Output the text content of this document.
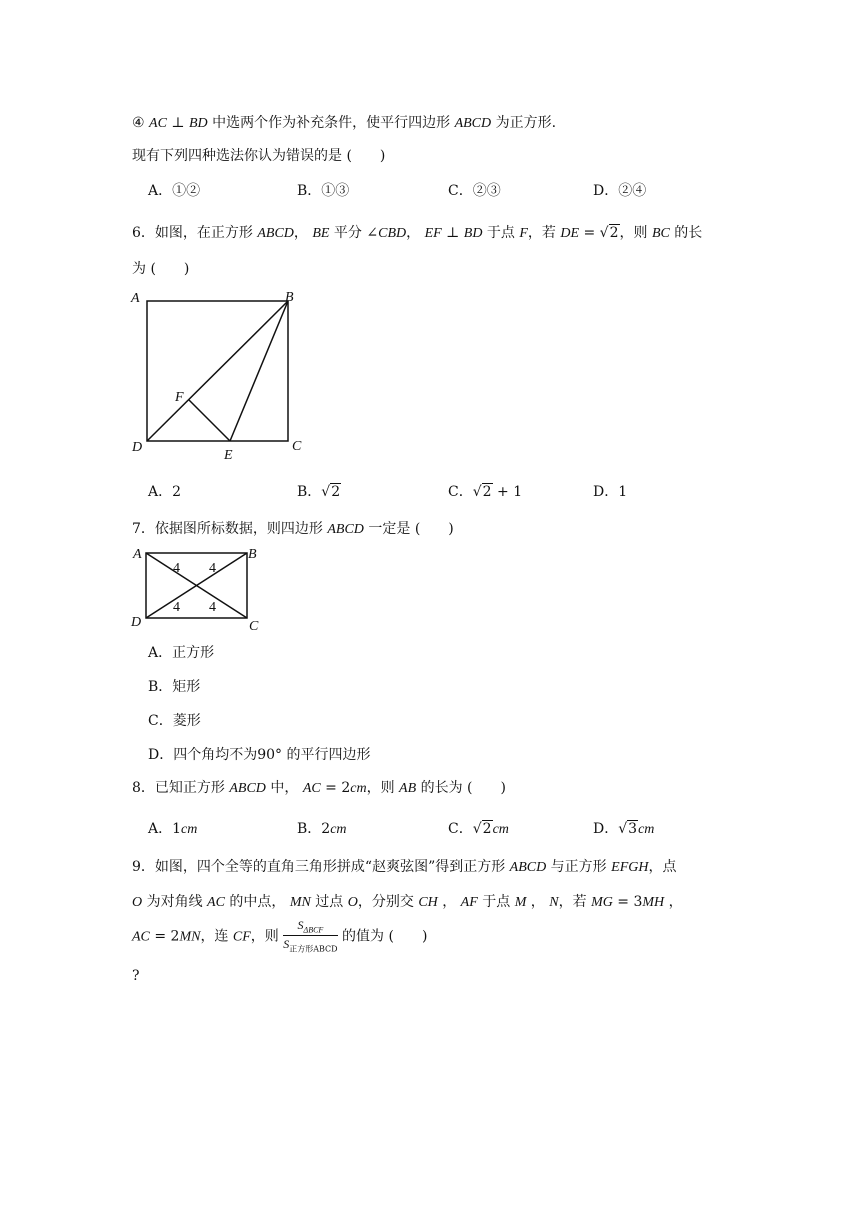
④ AC ⊥ BD 中选两个作为补充条件，使平行四边形 ABCD 为正方形.
现有下列四种选法你认为错误的是 (　　)
A．①②	B．①③	C．②③	D．②④
6．如图，在正方形 ABCD， BE 平分 ∠CBD， EF ⊥ BD 于点 F，若 DE = √2，则 BC 的长
为 (　　)
A	B
C
D
E
F
A．2	B．√2	C．√2 + 1	D．1
7．依据图所标数据，则四边形 ABCD 一定是 (　　)
A	B
C
D
4 4
4 4
A．正方形
B．矩形
C．菱形
D．四个角均不为90° 的平行四边形
8．已知正方形 ABCD 中， AC = 2cm，则 AB 的长为 (　　)
A．1cm	B．2cm	C．√2cm	D．√3cm
9．如图，四个全等的直角三角形拼成“赵爽弦图”得到正方形 ABCD 与正方形 EFGH，点
O 为对角线 AC 的中点， MN 过点 O，分别交 CH ， AF 于点 M ， N，若 MG = 3MH ，
AC = 2MN，连 CF，则 $\frac{S_{\Delta BCF}}{S_{正方形ABCD}}$ 的值为 (　　)
?
